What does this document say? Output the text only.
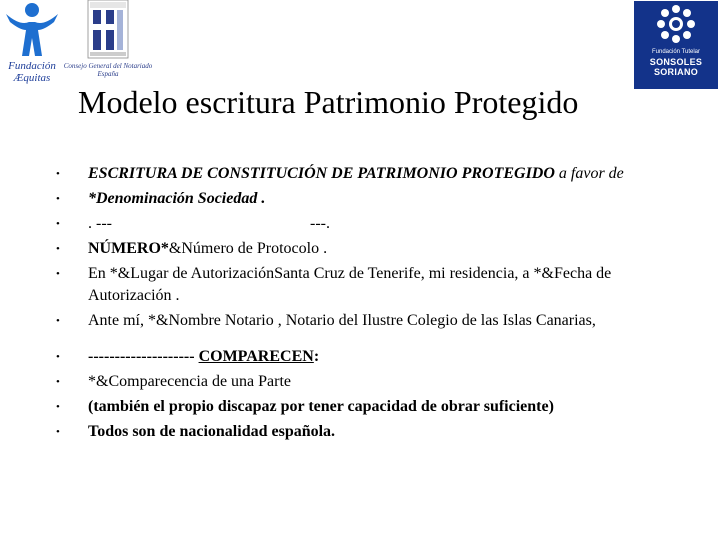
Fundación
Æquitas
Consejo General del Notariado
España
Fundación Tutelar
SONSOLES
SORIANO
Modelo escritura Patrimonio Protegido
• ESCRITURA DE CONSTITUCIÓN DE PATRIMONIO PROTEGIDO a favor de
• *Denominación Sociedad .
• . ---	---.
• NÚMERO*&Número de Protocolo .
• En *&Lugar de AutorizaciónSanta Cruz de Tenerife, mi residencia, a *&Fecha de Autorización .
• Ante mí, *&Nombre Notario , Notario del Ilustre Colegio de las Islas Canarias,
• -------------------- COMPARECEN:
• *&Comparecencia de una Parte
• (también el propio discapaz por tener capacidad de obrar suficiente)
• Todos son de nacionalidad española.
